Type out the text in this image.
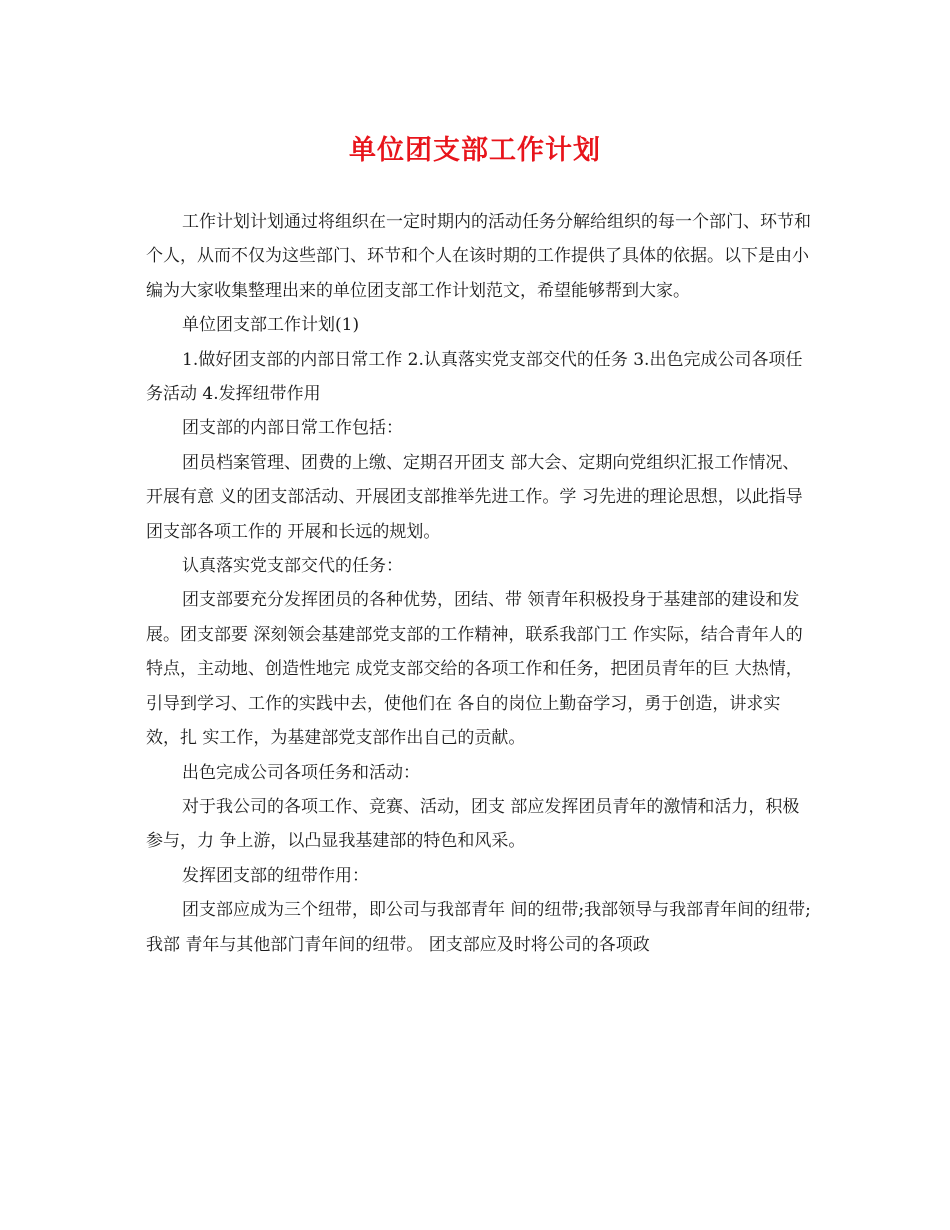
单位团支部工作计划

工作计划计划通过将组织在一定时期内的活动任务分解给组织的每一个部门、环节和个人，从而不仅为这些部门、环节和个人在该时期的工作提供了具体的依据。以下是由小编为大家收集整理出来的单位团支部工作计划范文，希望能够帮到大家。

单位团支部工作计划(1)

1.做好团支部的内部日常工作 2.认真落实党支部交代的任务 3.出色完成公司各项任务活动 4.发挥纽带作用

团支部的内部日常工作包括：

团员档案管理、团费的上缴、定期召开团支 部大会、定期向党组织汇报工作情况、开展有意 义的团支部活动、开展团支部推举先进工作。学 习先进的理论思想，以此指导团支部各项工作的 开展和长远的规划。

认真落实党支部交代的任务：

团支部要充分发挥团员的各种优势，团结、带 领青年积极投身于基建部的建设和发展。团支部要 深刻领会基建部党支部的工作精神，联系我部门工 作实际，结合青年人的特点，主动地、创造性地完 成党支部交给的各项工作和任务，把团员青年的巨 大热情，引导到学习、工作的实践中去，使他们在 各自的岗位上勤奋学习，勇于创造，讲求实效，扎 实工作，为基建部党支部作出自己的贡献。

出色完成公司各项任务和活动：

对于我公司的各项工作、竞赛、活动，团支 部应发挥团员青年的激情和活力，积极参与，力 争上游，以凸显我基建部的特色和风采。

发挥团支部的纽带作用：

团支部应成为三个纽带，即公司与我部青年 间的纽带;我部领导与我部青年间的纽带;我部 青年与其他部门青年间的纽带。 团支部应及时将公司的各项政
